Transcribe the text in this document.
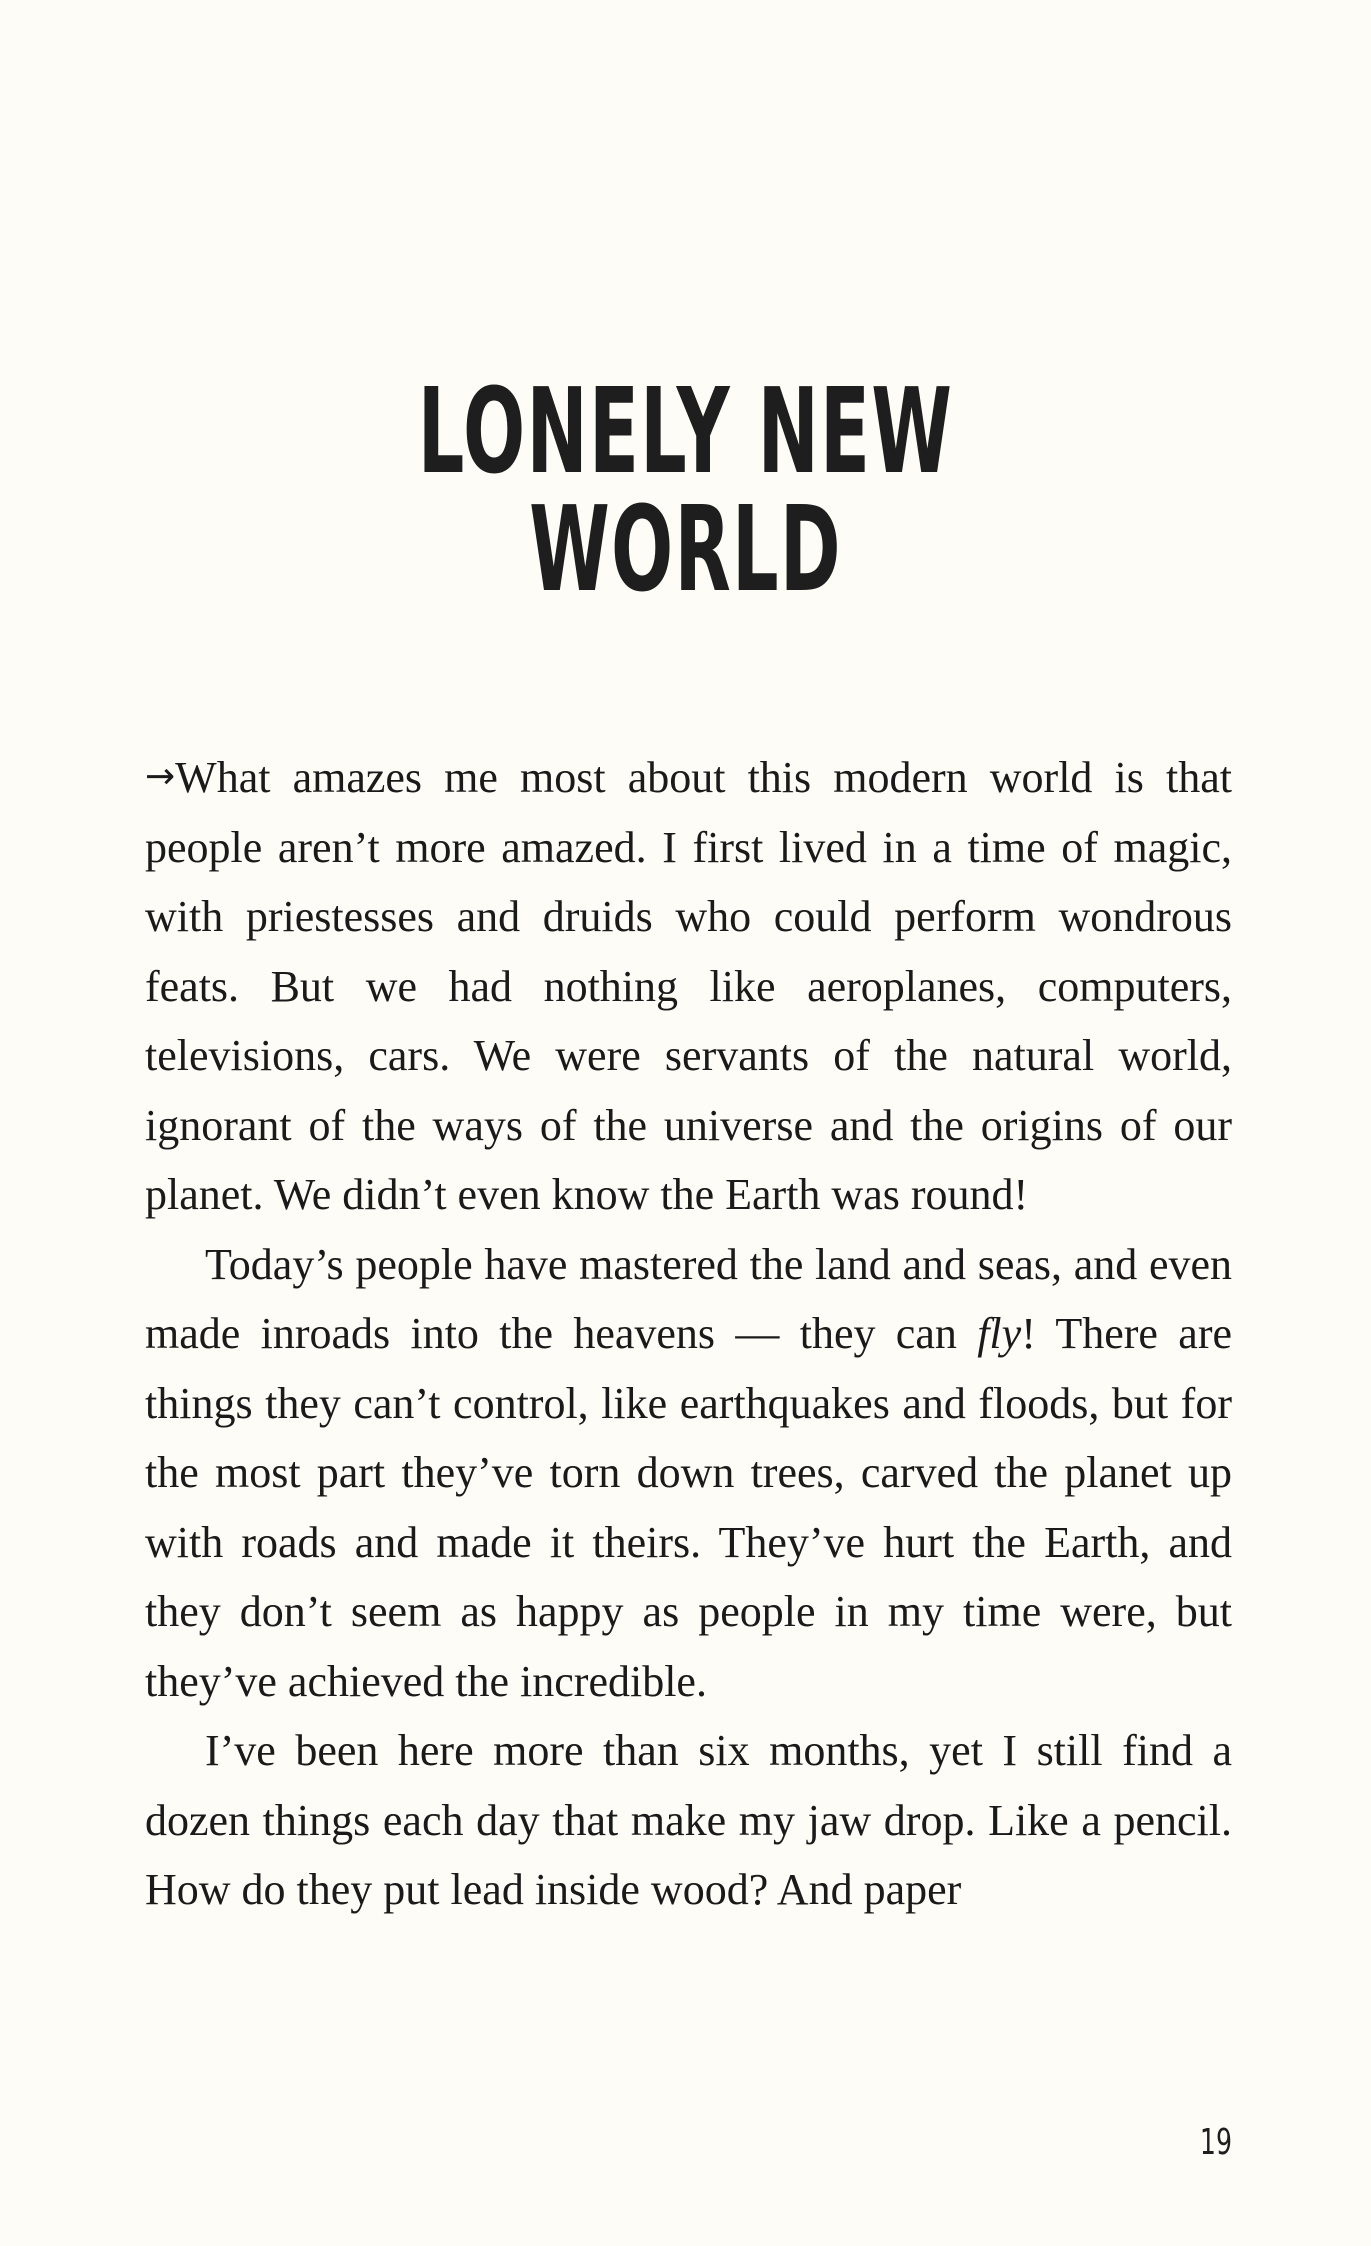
LONELY NEW WORLD

→What amazes me most about this modern world is that people aren’t more amazed. I first lived in a time of magic, with priestesses and druids who could perform wondrous feats. But we had nothing like aeroplanes, computers, televisions, cars. We were servants of the natural world, ignorant of the ways of the universe and the origins of our planet. We didn’t even know the Earth was round!

Today’s people have mastered the land and seas, and even made inroads into the heavens — they can fly! There are things they can’t control, like earthquakes and floods, but for the most part they’ve torn down trees, carved the planet up with roads and made it theirs. They’ve hurt the Earth, and they don’t seem as happy as people in my time were, but they’ve achieved the incredible.

I’ve been here more than six months, yet I still find a dozen things each day that make my jaw drop. Like a pencil. How do they put lead inside wood? And paper

19
